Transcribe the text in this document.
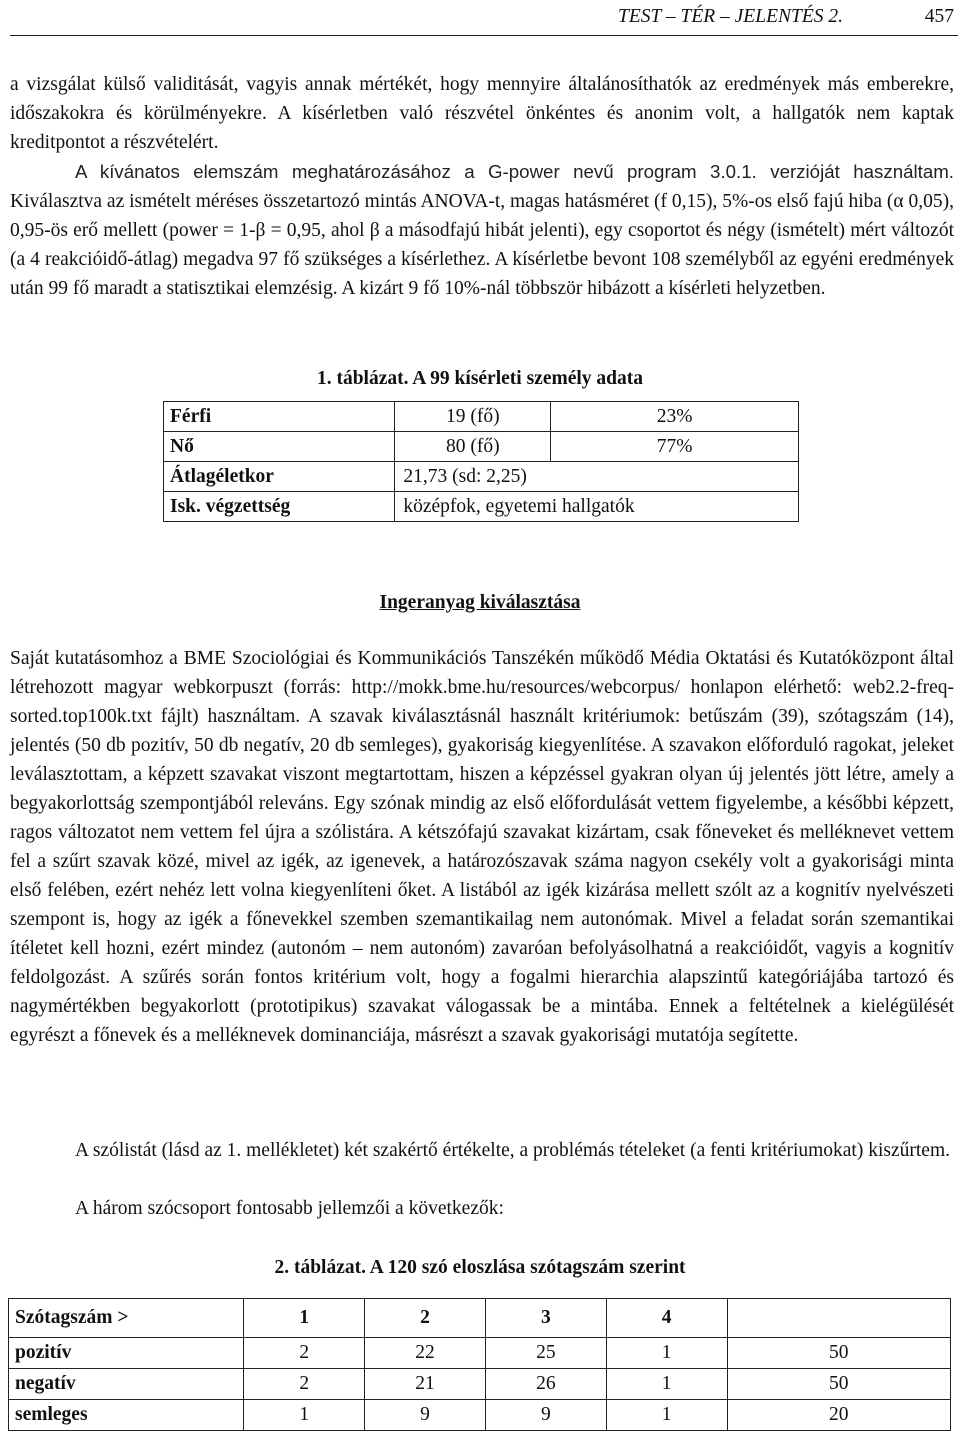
TEST – TÉR – JELENTÉS 2.	457

a vizsgálat külső validitását, vagyis annak mértékét, hogy mennyire általánosíthatók az eredmények más emberekre, időszakokra és körülményekre. A kísérletben való részvétel önkéntes és anonim volt, a hallgatók nem kaptak kreditpontot a részvételért.

A kívánatos elemszám meghatározásához a G-power nevű program 3.0.1. verzióját használtam. Kiválasztva az ismételt méréses összetartozó mintás ANOVA-t, magas hatásméret (f 0,15), 5%-os első fajú hiba (α 0,05), 0,95-ös erő mellett (power = 1-β = 0,95, ahol β a másodfajú hibát jelenti), egy csoportot és négy (ismételt) mért változót (a 4 reakcióidő-átlag) megadva 97 fő szükséges a kísérlethez. A kísérletbe bevont 108 személyből az egyéni eredmények után 99 fő maradt a statisztikai elemzésig. A kizárt 9 fő 10%-nál többször hibázott a kísérleti helyzetben.

1. táblázat. A 99 kísérleti személy adata
Férfi	19 (fő)	23%
Nő	80 (fő)	77%
Átlagéletkor	21,73 (sd: 2,25)	
Isk. végzettség	középfok, egyetemi hallgatók	
Ingeranyag kiválasztása

Saját kutatásomhoz a BME Szociológiai és Kommunikációs Tanszékén működő Média Oktatási és Kutatóközpont által létrehozott magyar webkorpuszt (forrás: http://mokk.bme.hu/resources/webcorpus/ honlapon elérhető: web2.2-freq-sorted.top100k.txt fájlt) használtam. A szavak kiválasztásnál használt kritériumok: betűszám (39), szótagszám (14), jelentés (50 db pozitív, 50 db negatív, 20 db semleges), gyakoriság kiegyenlítése. A szavakon előforduló ragokat, jeleket leválasztottam, a képzett szavakat viszont megtartottam, hiszen a képzéssel gyakran olyan új jelentés jött létre, amely a begyakorlottság szempontjából releváns. Egy szónak mindig az első előfordulását vettem figyelembe, a későbbi képzett, ragos változatot nem vettem fel újra a szólistára. A kétszófajú szavakat kizártam, csak főneveket és melléknevet vettem fel a szűrt szavak közé, mivel az igék, az igenevek, a határozószavak száma nagyon csekély volt a gyakorisági minta első felében, ezért nehéz lett volna kiegyenlíteni őket. A listából az igék kizárása mellett szólt az a kognitív nyelvészeti szempont is, hogy az igék a főnevekkel szemben szemantikailag nem autonómak. Mivel a feladat során szemantikai ítéletet kell hozni, ezért mindez (autonóm – nem autonóm) zavaróan befolyásolhatná a reakcióidőt, vagyis a kognitív feldolgozást. A szűrés során fontos kritérium volt, hogy a fogalmi hierarchia alapszintű kategóriájába tartozó és nagymértékben begyakorlott (prototipikus) szavakat válogassak be a mintába. Ennek a feltételnek a kielégülését egyrészt a főnevek és a melléknevek dominanciája, másrészt a szavak gyakorisági mutatója segítette.

A szólistát (lásd az 1. mellékletet) két szakértő értékelte, a problémás tételeket (a fenti kritériumokat) kiszűrtem.

A három szócsoport fontosabb jellemzői a következők:

2. táblázat. A 120 szó eloszlása szótagszám szerint
Szótagszám >	1	2	3	4	
pozitív	2	22	25	1	50
negatív	2	21	26	1	50
semleges	1	9	9	1	20
